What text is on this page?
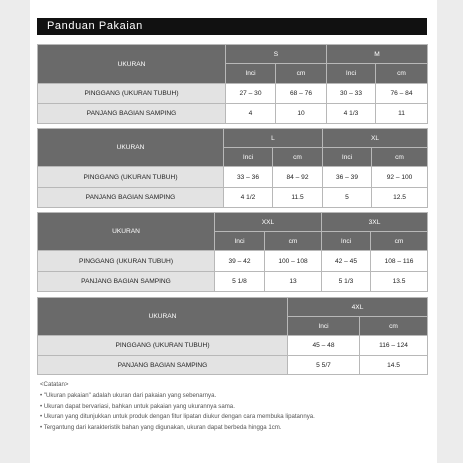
Panduan Pakaian
UKURAN	S		M	
	Inci	cm	Inci	cm
PINGGANG (UKURAN TUBUH)	27 – 30	68 – 76	30 – 33	76 – 84
PANJANG BAGIAN SAMPING	4	10	4 1/3	11
UKURAN	L		XL	
	Inci	cm	Inci	cm
PINGGANG (UKURAN TUBUH)	33 – 36	84 – 92	36 – 39	92 – 100
PANJANG BAGIAN SAMPING	4 1/2	11.5	5	12.5
UKURAN	XXL		3XL	
	Inci	cm	Inci	cm
PINGGANG (UKURAN TUBUH)	39 – 42	100 – 108	42 – 45	108 – 116
PANJANG BAGIAN SAMPING	5 1/8	13	5 1/3	13.5
UKURAN	4XL	
	Inci	cm
PINGGANG (UKURAN TUBUH)	45 – 48	116 – 124
PANJANG BAGIAN SAMPING	5 5/7	14.5
<Catatan>
• "Ukuran pakaian" adalah ukuran dari pakaian yang sebenarnya.
• Ukuran dapat bervariasi, bahkan untuk pakaian yang ukurannya sama.
• Ukuran yang ditunjukkan untuk produk dengan fitur lipatan diukur dengan cara membuka lipatannya.
• Tergantung dari karakteristik bahan yang digunakan, ukuran dapat berbeda hingga 1cm.
